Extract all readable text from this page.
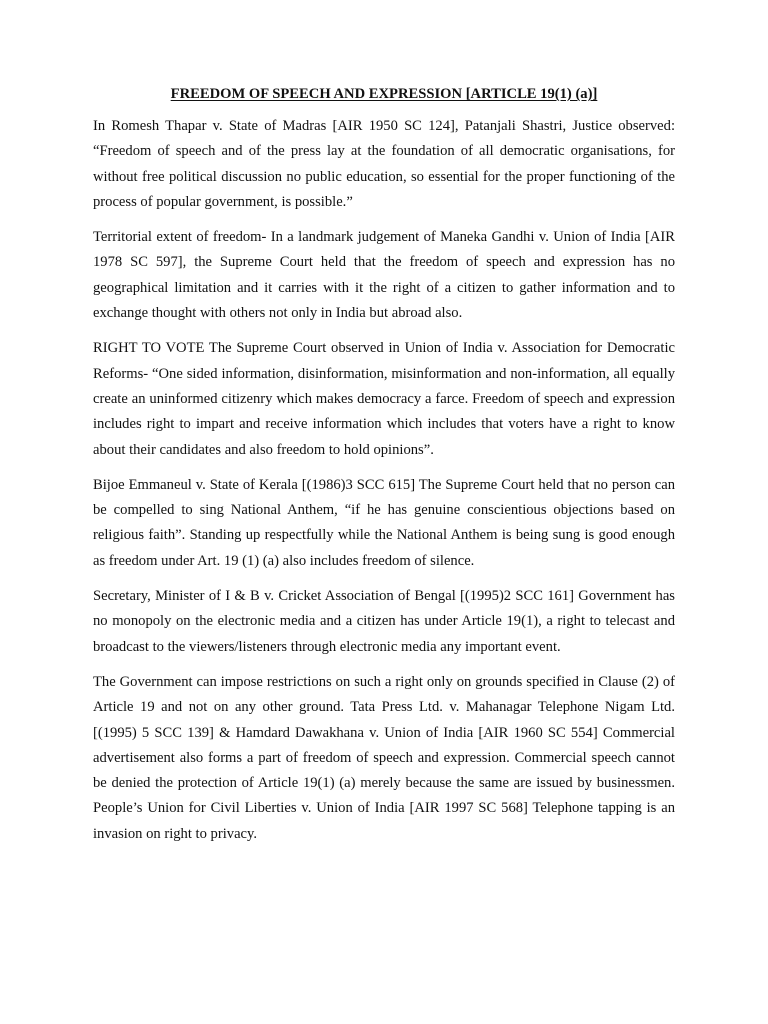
FREEDOM OF SPEECH AND EXPRESSION [ARTICLE 19(1) (a)]

In Romesh Thapar v. State of Madras [AIR 1950 SC 124], Patanjali Shastri, Justice observed: “Freedom of speech and of the press lay at the foundation of all democratic organisations, for without free political discussion no public education, so essential for the proper functioning of the process of popular government, is possible.”

Territorial extent of freedom- In a landmark judgement of Maneka Gandhi v. Union of India [AIR 1978 SC 597], the Supreme Court held that the freedom of speech and expression has no geographical limitation and it carries with it the right of a citizen to gather information and to exchange thought with others not only in India but abroad also.

RIGHT TO VOTE The Supreme Court observed in Union of India v. Association for Democratic Reforms- “One sided information, disinformation, misinformation and non-information, all equally create an uninformed citizenry which makes democracy a farce. Freedom of speech and expression includes right to impart and receive information which includes that voters have a right to know about their candidates and also freedom to hold opinions”.

Bijoe Emmaneul v. State of Kerala [(1986)3 SCC 615] The Supreme Court held that no person can be compelled to sing National Anthem, “if he has genuine conscientious objections based on religious faith”. Standing up respectfully while the National Anthem is being sung is good enough as freedom under Art. 19 (1) (a) also includes freedom of silence.

Secretary, Minister of I & B v. Cricket Association of Bengal [(1995)2 SCC 161] Government has no monopoly on the electronic media and a citizen has under Article 19(1), a right to telecast and broadcast to the viewers/listeners through electronic media any important event.

The Government can impose restrictions on such a right only on grounds specified in Clause (2) of Article 19 and not on any other ground. Tata Press Ltd. v. Mahanagar Telephone Nigam Ltd. [(1995) 5 SCC 139] & Hamdard Dawakhana v. Union of India [AIR 1960 SC 554] Commercial advertisement also forms a part of freedom of speech and expression. Commercial speech cannot be denied the protection of Article 19(1) (a) merely because the same are issued by businessmen. People’s Union for Civil Liberties v. Union of India [AIR 1997 SC 568] Telephone tapping is an invasion on right to privacy.
